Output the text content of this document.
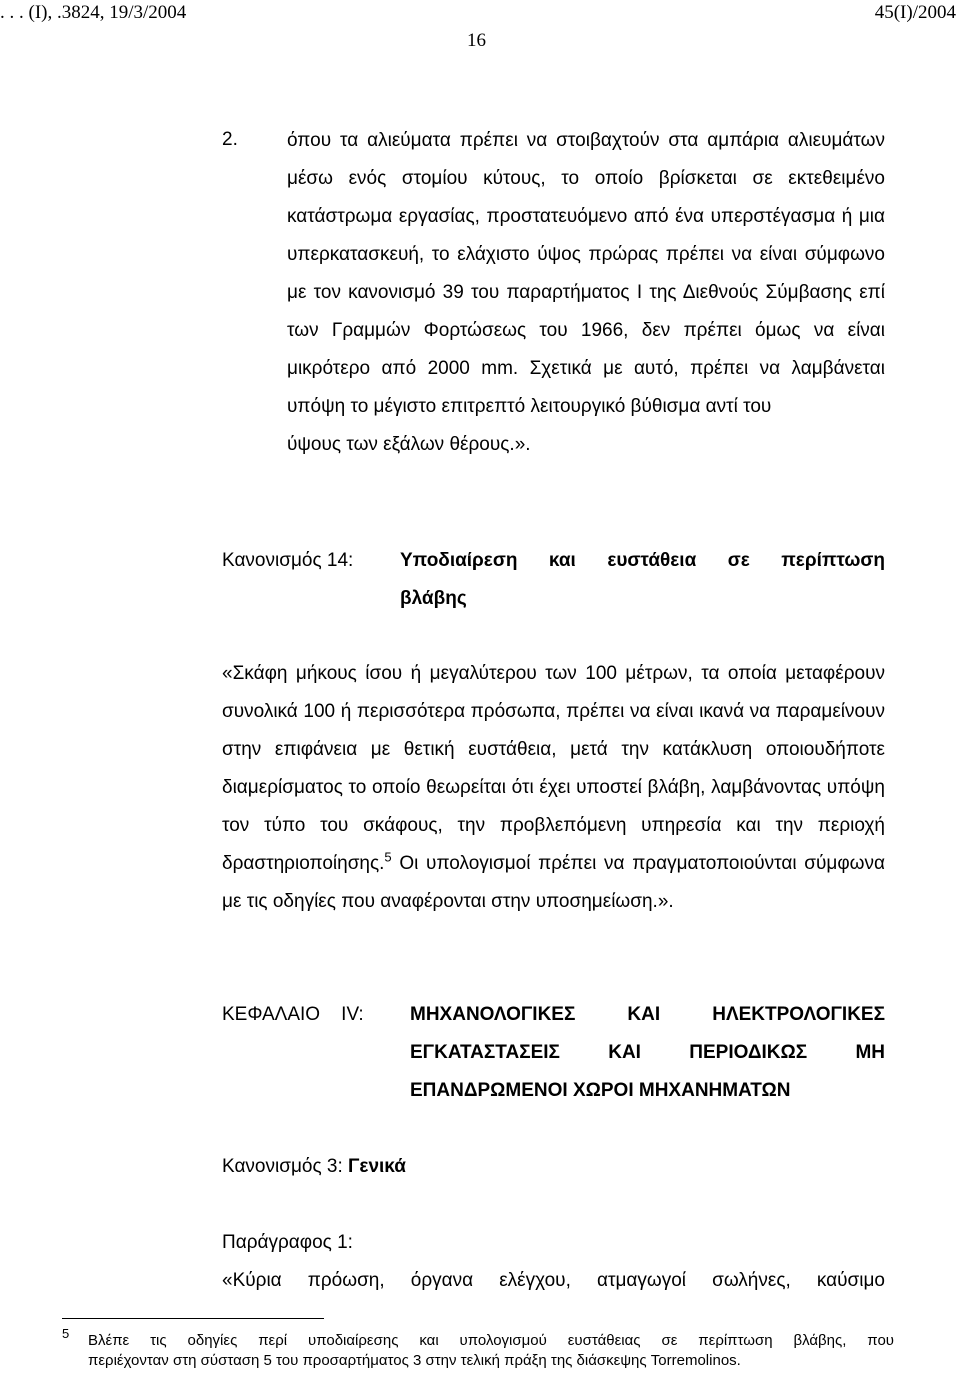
. . . (Ι), .3824, 19/3/2004	45(Ι)/2004
16
2.	όπου τα αλιεύματα πρέπει να στοιβαχτούν στα αμπάρια αλιευμάτων μέσω ενός στομίου κύτους, το οποίο βρίσκεται σε εκτεθειμένο κατάστρωμα εργασίας, προστατευόμενο από ένα υπερστέγασμα ή μια υπερκατασκευή, το ελάχιστο ύψος πρώρας πρέπει να είναι σύμφωνο με τον κανονισμό 39 του παραρτήματος Ι της Διεθνούς Σύμβασης επί των Γραμμών Φορτώσεως του 1966, δεν πρέπει όμως να είναι μικρότερο από 2000 mm. Σχετικά με αυτό, πρέπει να λαμβάνεται υπόψη το μέγιστο επιτρεπτό λειτουργικό βύθισμα αντί του
ύψους των εξάλων θέρους.».

Κανονισμός 14: Υποδιαίρεση και ευστάθεια σε περίπτωση
βλάβης

«Σκάφη μήκους ίσου ή μεγαλύτερου των 100 μέτρων, τα οποία μεταφέρουν συνολικά 100 ή περισσότερα πρόσωπα, πρέπει να είναι ικανά να παραμείνουν στην επιφάνεια με θετική ευστάθεια, μετά την κατάκλυση οποιουδήποτε διαμερίσματος το οποίο θεωρείται ότι έχει υποστεί βλάβη, λαμβάνοντας υπόψη τον τύπο του σκάφους, την προβλεπόμενη υπηρεσία και την περιοχή δραστηριοποίησης.$^5$ Οι υπολογισμοί πρέπει να πραγματοποιούνται σύμφωνα με τις οδηγίες που αναφέρονται στην υποσημείωση.».

ΚΕΦΑΛΑΙΟ    IV: ΜΗΧΑΝΟΛΟΓΙΚΕΣ ΚΑΙ ΗΛΕΚΤΡΟΛΟΓΙΚΕΣ
ΕΓΚΑΤΑΣΤΑΣΕΙΣ ΚΑΙ ΠΕΡΙΟΔΙΚΩΣ ΜΗ
ΕΠΑΝΔΡΩΜΕΝΟΙ ΧΩΡΟΙ ΜΗΧΑΝΗΜΑΤΩΝ
Κανονισμός 3: Γενικά
Παράγραφος 1:
«Κύρια πρόωση, όργανα ελέγχου, ατμαγωγοί σωλήνες, καύσιμο
5 Βλέπε τις οδηγίες περί υποδιαίρεσης και υπολογισμού ευστάθειας σε περίπτωση βλάβης, που
περιέχονταν στη σύσταση 5 του προσαρτήματος 3 στην τελική πράξη της διάσκεψης Torremolinos.
